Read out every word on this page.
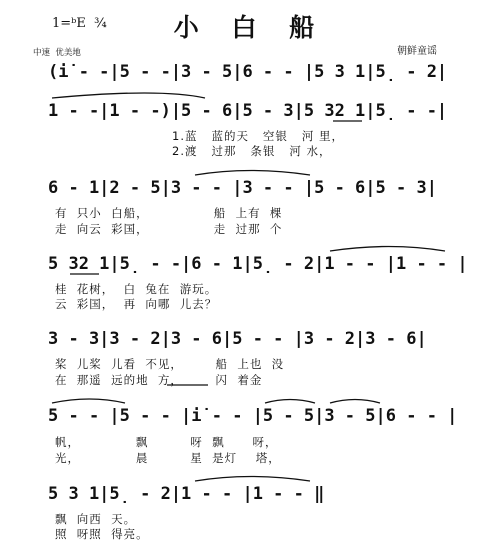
小 白 船
1=ᵇE  ¾
中速  优美地	朝鲜童谣
(i̇ - -|5 - -|3 - 5|6 - - |5 3 1|5̣ - 2|
1 - -|1 - -)|5 - 6|5 - 3|5 32 1|5̣ - -|
1.蓝   蓝的天   空银   河 里，
2.渡   过那   条银   河 水，
6 - 1|2 - 5|3 - - |3 - - |5 - 6|5 - 3|
有  只小  白船，              船  上有  棵
走  向云  彩国，              走  过那  个
5 32 1|5̣ - -|6 - 1|5̣ - 2|1 - - |1 - - |
桂  花树，  白  兔在  游玩。
云  彩国，  再  向哪  儿去？
3 - 3|3 - 2|3 - 6|5 - - |3 - 2|3 - 6|
桨  儿桨  儿看  不见，       船  上也  没
在  那遥  远的地  方，       闪  着金
5 - - |5 - - |i̇ - - |5 - 5|3 - 5|6 - - |
帆，            飘         呀  飘      呀，
光，            晨         星  是灯    塔，
5 3 1|5̣ - 2|1 - - |1 - - ‖
飘  向西  天。
照  呀照  得亮。
